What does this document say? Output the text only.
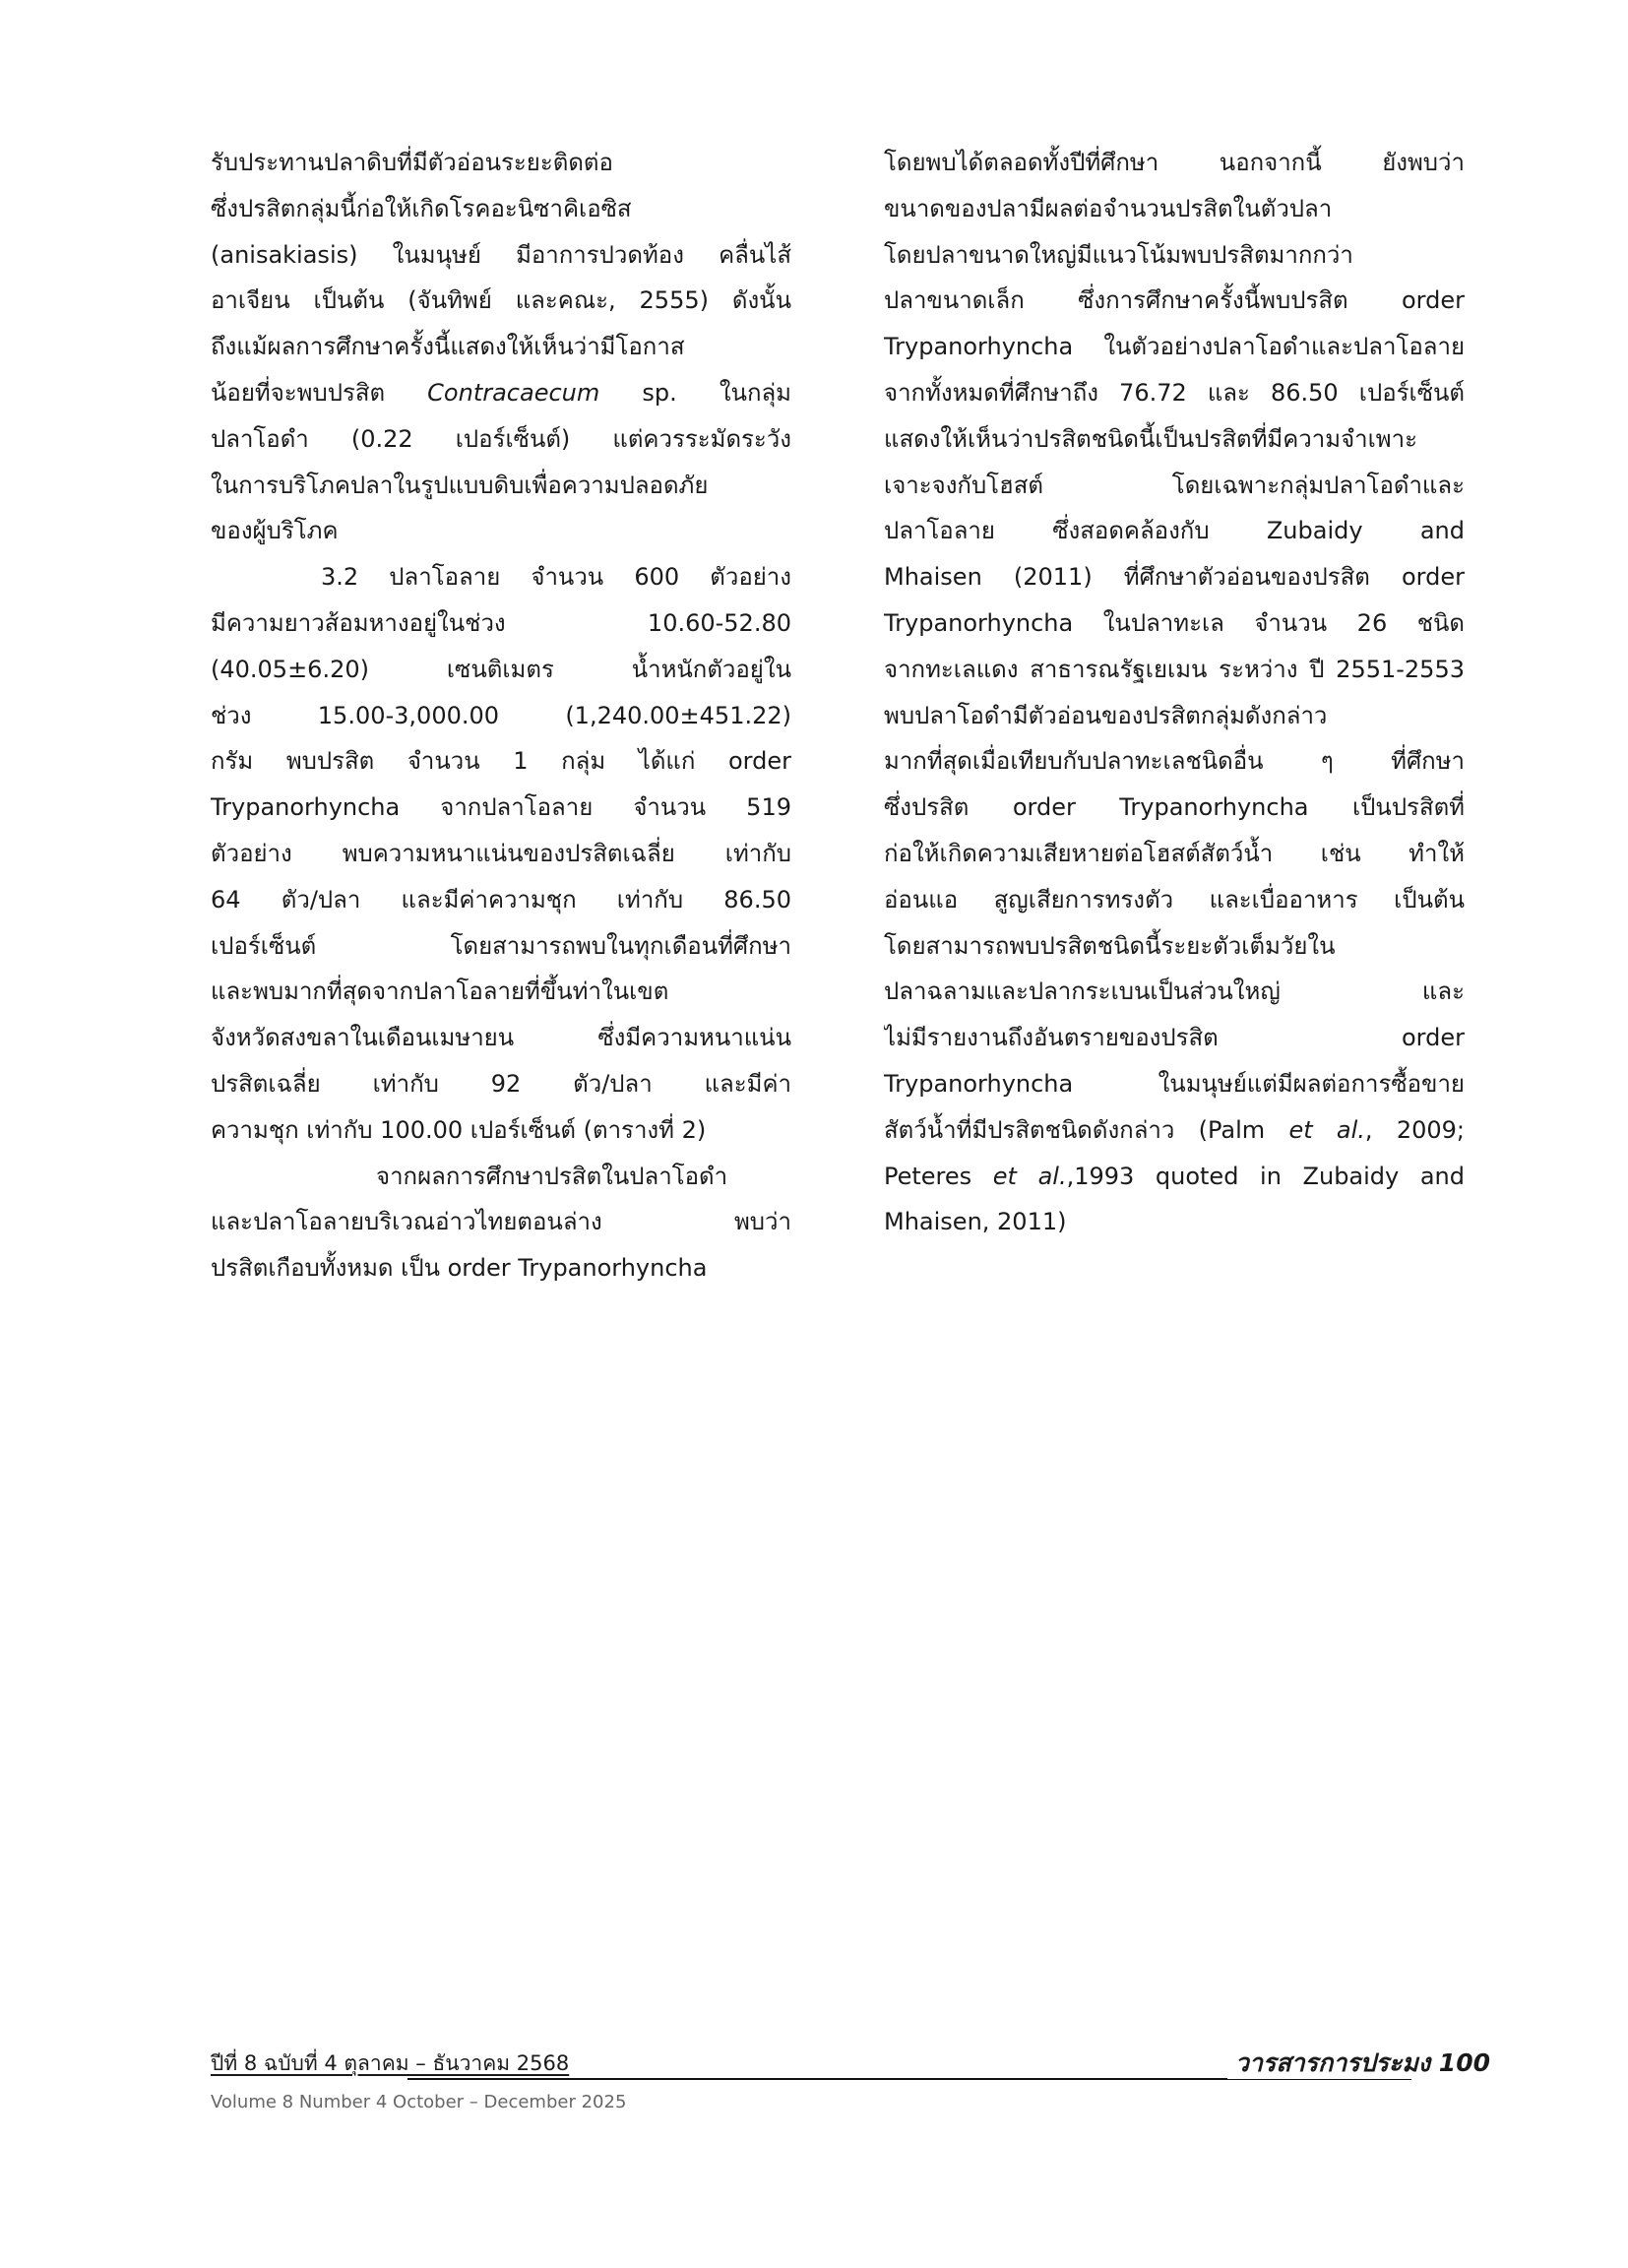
รับประทานปลาดิบที่มีตัวอ่อนระยะติดต่อ
ซึ่งปรสิตกลุ่มนี้ก่อให้เกิดโรคอะนิซาคิเอซิส
(anisakiasis) ในมนุษย์ มีอาการปวดท้อง คลื่นไส้
อาเจียน เป็นต้น (จันทิพย์ และคณะ, 2555) ดังนั้น
ถึงแม้ผลการศึกษาครั้งนี้แสดงให้เห็นว่ามีโอกาส
น้อยที่จะพบปรสิต Contracaecum sp. ในกลุ่ม
ปลาโอดำ (0.22 เปอร์เซ็นต์) แต่ควรระมัดระวัง
ในการบริโภคปลาในรูปแบบดิบเพื่อความปลอดภัย
ของผู้บริโภค
3.2 ปลาโอลาย จำนวน 600 ตัวอย่าง
มีความยาวส้อมหางอยู่ในช่วง 10.60-52.80
(40.05±6.20) เซนติเมตร น้ำหนักตัวอยู่ใน
ช่วง 15.00-3,000.00 (1,240.00±451.22)
กรัม พบปรสิต จำนวน 1 กลุ่ม ได้แก่ order
Trypanorhyncha จากปลาโอลาย จำนวน 519
ตัวอย่าง พบความหนาแน่นของปรสิตเฉลี่ย เท่ากับ
64 ตัว/ปลา และมีค่าความชุก เท่ากับ 86.50
เปอร์เซ็นต์ โดยสามารถพบในทุกเดือนที่ศึกษา
และพบมากที่สุดจากปลาโอลายที่ขึ้นท่าในเขต
จังหวัดสงขลาในเดือนเมษายน ซึ่งมีความหนาแน่น
ปรสิตเฉลี่ย เท่ากับ 92 ตัว/ปลา และมีค่า
ความชุก เท่ากับ 100.00 เปอร์เซ็นต์ (ตารางที่ 2)
จากผลการศึกษาปรสิตในปลาโอดำ
และปลาโอลายบริเวณอ่าวไทยตอนล่าง พบว่า
ปรสิตเกือบทั้งหมด เป็น order Trypanorhyncha
โดยพบได้ตลอดทั้งปีที่ศึกษา นอกจากนี้ ยังพบว่า
ขนาดของปลามีผลต่อจำนวนปรสิตในตัวปลา
โดยปลาขนาดใหญ่มีแนวโน้มพบปรสิตมากกว่า
ปลาขนาดเล็ก ซึ่งการศึกษาครั้งนี้พบปรสิต order
Trypanorhyncha ในตัวอย่างปลาโอดำและปลาโอลาย
จากทั้งหมดที่ศึกษาถึง 76.72 และ 86.50 เปอร์เซ็นต์
แสดงให้เห็นว่าปรสิตชนิดนี้เป็นปรสิตที่มีความจำเพาะ
เจาะจงกับโฮสต์ โดยเฉพาะกลุ่มปลาโอดำและ
ปลาโอลาย ซึ่งสอดคล้องกับ Zubaidy and
Mhaisen (2011) ที่ศึกษาตัวอ่อนของปรสิต order
Trypanorhyncha ในปลาทะเล จำนวน 26 ชนิด
จากทะเลแดง สาธารณรัฐเยเมน ระหว่าง ปี 2551-2553
พบปลาโอดำมีตัวอ่อนของปรสิตกลุ่มดังกล่าว
มากที่สุดเมื่อเทียบกับปลาทะเลชนิดอื่น ๆ ที่ศึกษา
ซึ่งปรสิต order Trypanorhyncha เป็นปรสิตที่
ก่อให้เกิดความเสียหายต่อโฮสต์สัตว์น้ำ เช่น ทำให้
อ่อนแอ สูญเสียการทรงตัว และเบื่ออาหาร เป็นต้น
โดยสามารถพบปรสิตชนิดนี้ระยะตัวเต็มวัยใน
ปลาฉลามและปลากระเบนเป็นส่วนใหญ่ และ
ไม่มีรายงานถึงอันตรายของปรสิต order
Trypanorhyncha ในมนุษย์แต่มีผลต่อการซื้อขาย
สัตว์น้ำที่มีปรสิตชนิดดังกล่าว (Palm et al., 2009;
Peteres et al.,1993 quoted in Zubaidy and
Mhaisen, 2011)
ปีที่ 8 ฉบับที่ 4 ตุลาคม – ธันวาคม 2568	วารสารการประมง 100
Volume 8 Number 4 October – December 2025
